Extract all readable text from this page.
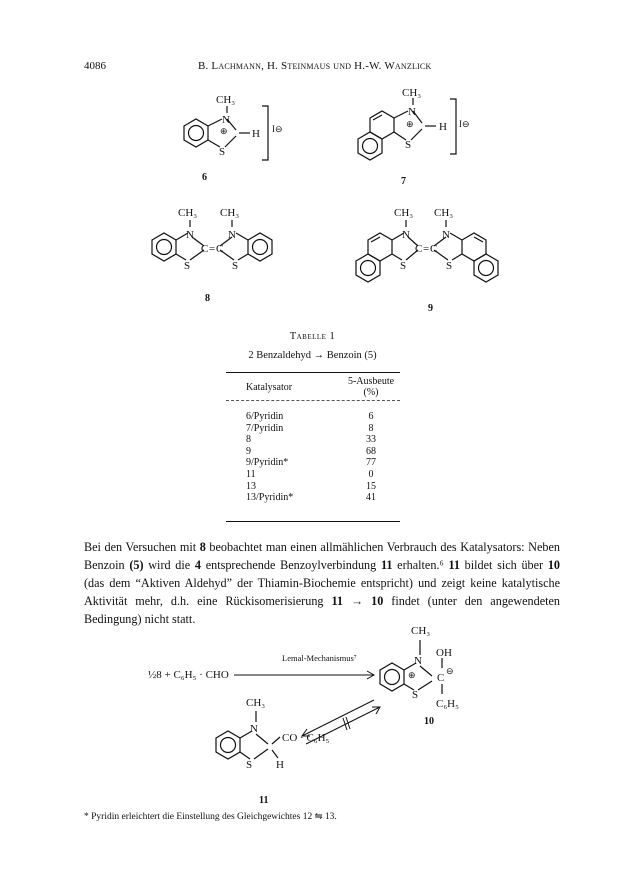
4086	B. Lachmann, H. Steinmaus und H.-W. Wanzlick
CH₃
N
⊕ H
S
I⊖
6
CH₃
N
⊕ H
S
I⊖
7
CH₃ CH₃
N	N
C = C
S	S
8
CH₃ CH₃
N	N
C = C
S	S
9
Tabelle 1
2 Benzaldehyd → Benzoin (5)
Katalysator	5-Ausbeute (%)

6/Pyridin	6
7/Pyridin	8
8	33
9	68
9/Pyridin*	77
11	0
13	15
13/Pyridin*	41

Bei den Versuchen mit 8 beobachtet man einen allmählichen Verbrauch des Katalysators: Neben Benzoin (5) wird die 4 entsprechende Benzoylverbindung 11 erhalten.⁶ 11 bildet sich über 10 (das dem “Aktiven Aldehyd” der Thiamin-Biochemie entspricht) und zeigt keine katalytische Aktivität mehr, d.h. eine Rückisomerisierung 11 → 10 findet (unter den angewendeten Bedingung) nicht statt.

½8 + C₆H₅ · CHO
Lemal-Mechanismus⁷
CH₃
N
⊕
OH
C
⊖
S
C₆H₅
10
CH₃
N
CO · C₆H₅
S H
11
* Pyridin erleichtert die Einstellung des Gleichgewichtes 12 ⇋ 13.
